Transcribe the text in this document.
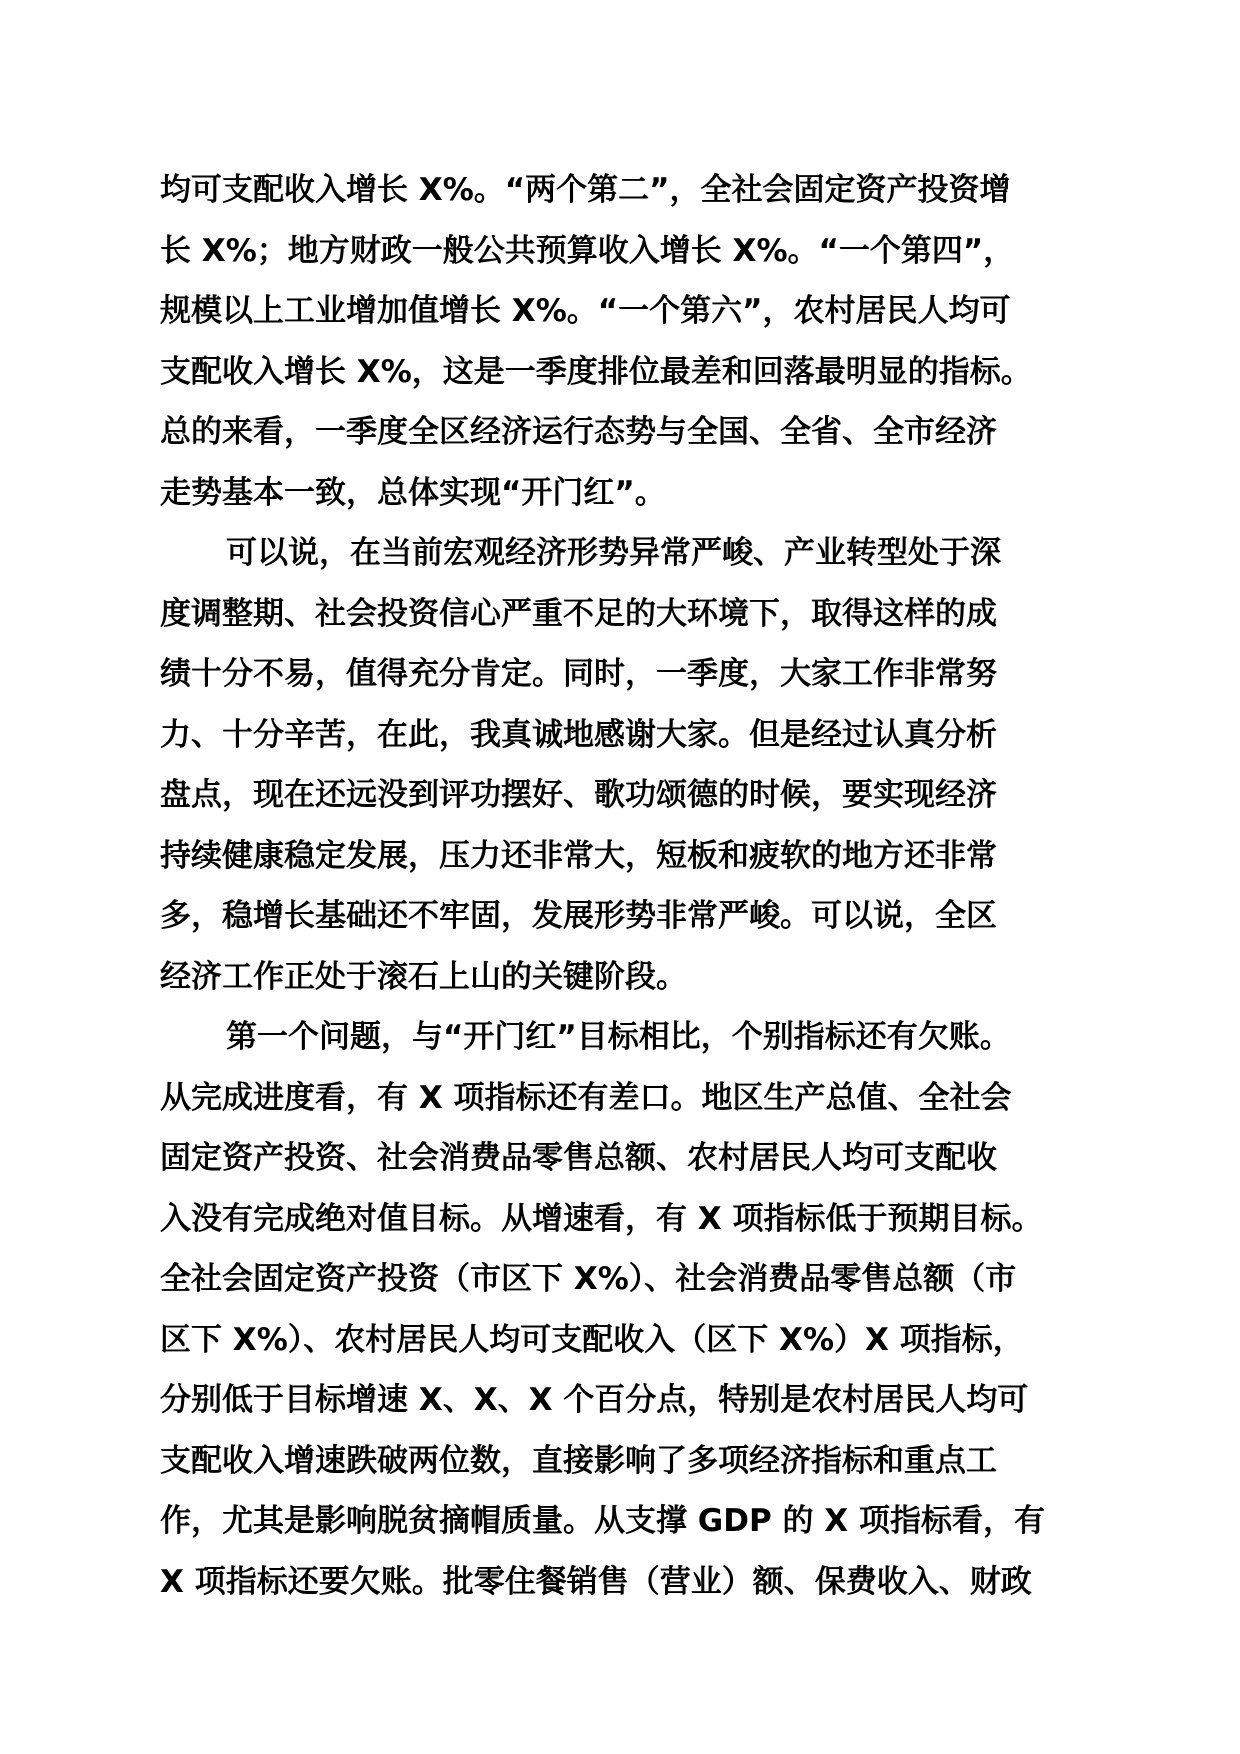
均可支配收入增长 X%。“两个第二”，全社会固定资产投资增
长 X%；地方财政一般公共预算收入增长 X%。“一个第四”，
规模以上工业增加值增长 X%。“一个第六”，农村居民人均可
支配收入增长 X%，这是一季度排位最差和回落最明显的指标。
总的来看，一季度全区经济运行态势与全国、全省、全市经济
走势基本一致，总体实现“开门红”。
可以说，在当前宏观经济形势异常严峻、产业转型处于深
度调整期、社会投资信心严重不足的大环境下，取得这样的成
绩十分不易，值得充分肯定。同时，一季度，大家工作非常努
力、十分辛苦，在此，我真诚地感谢大家。但是经过认真分析
盘点，现在还远没到评功摆好、歌功颂德的时候，要实现经济
持续健康稳定发展，压力还非常大，短板和疲软的地方还非常
多，稳增长基础还不牢固，发展形势非常严峻。可以说，全区
经济工作正处于滚石上山的关键阶段。
第一个问题，与“开门红”目标相比，个别指标还有欠账。
从完成进度看，有 X 项指标还有差口。地区生产总值、全社会
固定资产投资、社会消费品零售总额、农村居民人均可支配收
入没有完成绝对值目标。从增速看，有 X 项指标低于预期目标。
全社会固定资产投资（市区下 X%）、社会消费品零售总额（市
区下 X%）、农村居民人均可支配收入（区下 X%）X 项指标，
分别低于目标增速 X、X、X 个百分点，特别是农村居民人均可
支配收入增速跌破两位数，直接影响了多项经济指标和重点工
作，尤其是影响脱贫摘帽质量。从支撑 GDP 的 X 项指标看，有
X 项指标还要欠账。批零住餐销售（营业）额、保费收入、财政
